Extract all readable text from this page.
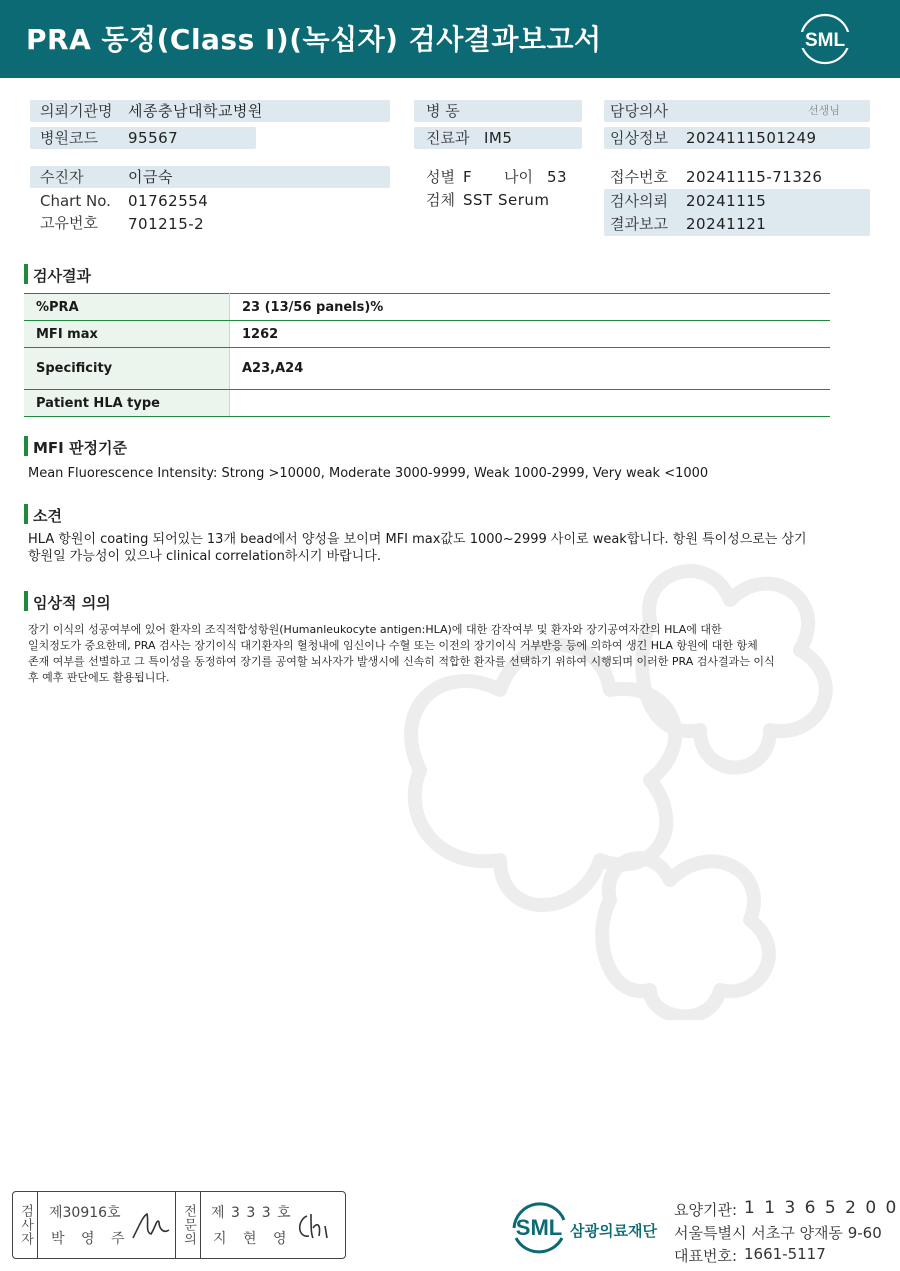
PRA 동정(Class I)(녹십자) 검사결과보고서	SML
의뢰기관명 세종충남대학교병원
병원코드 95567
병 동
진료과 IM5
담당의사	선생님
임상정보 2024111501249
수진자	이금숙
Chart No. 01762554
고유번호 701215-2
성별 F 나이 53
검체 SST Serum
접수번호 20241115-71326
검사의뢰 20241115
결과보고 20241121
검사결과
%PRA	23 (13/56 panels)%
MFI max	1262
Specificity	A23,A24
Patient HLA type	
MFI 판정기준
Mean Fluorescence Intensity: Strong >10000, Moderate 3000-9999, Weak 1000-2999, Very weak <1000
소견
HLA 항원이 coating 되어있는 13개 bead에서 양성을 보이며 MFI max값도 1000~2999 사이로 weak합니다. 항원 특이성으로는 상기
항원일 가능성이 있으나 clinical correlation하시기 바랍니다.
임상적 의의
장기 이식의 성공여부에 있어 환자의 조직적합성항원(Humanleukocyte antigen:HLA)에 대한 감작여부 및 환자와 장기공여자간의 HLA에 대한
일치정도가 중요한데, PRA 검사는 장기이식 대기환자의 혈청내에 임신이나 수혈 또는 이전의 장기이식 거부반응 등에 의하여 생긴 HLA 항원에 대한 항체
존재 여부를 선별하고 그 특이성을 동정하여 장기를 공여할 뇌사자가 발생시에 신속히 적합한 환자를 선택하기 위하여 시행되며 이러한 PRA 검사결과는 이식
후 예후 판단에도 활용됩니다.
검사자 제30916호
박 영 주	전문의 제 3 3 3 호
지 현 영	SML 삼광의료재단
요양기관: 1 1 3 6 5 2 0 0
서울특별시 서초구 양재동 9-60
대표번호: 1661-5117
